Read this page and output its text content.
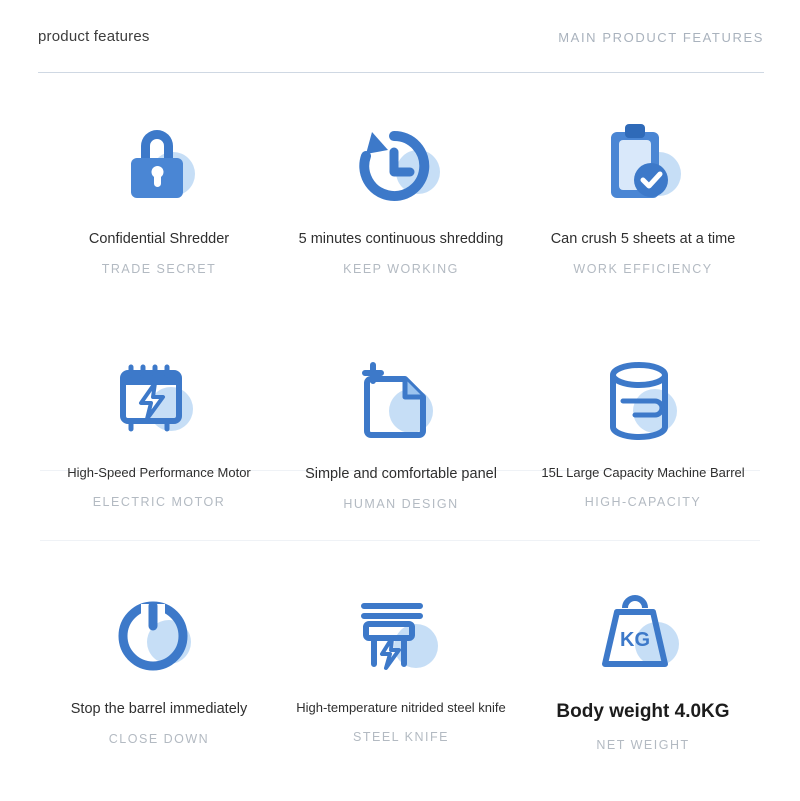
product features	MAIN PRODUCT FEATURES
Confidential Shredder
TRADE SECRET
5 minutes continuous shredding
KEEP WORKING
Can crush 5 sheets at a time
WORK EFFICIENCY
High-Speed Performance Motor
ELECTRIC MOTOR
Simple and comfortable panel
HUMAN DESIGN
15L Large Capacity Machine Barrel
HIGH-CAPACITY
Stop the barrel immediately
CLOSE DOWN
High-temperature nitrided steel knife
STEEL KNIFE
KG
Body weight 4.0KG
NET WEIGHT
